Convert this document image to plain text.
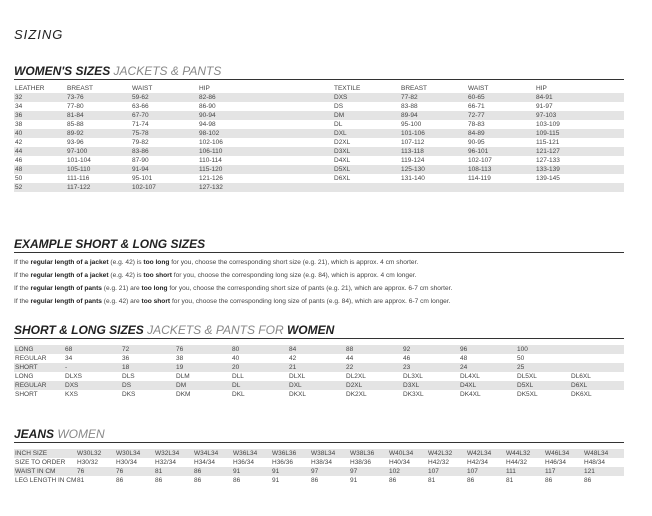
SIZING
WOMEN'S SIZES JACKETS & PANTS
LEATHER	BREAST	WAIST	HIP	TEXTILE	BREAST	WAIST	HIP
32	73-76	59-62	82-86	DXS	77-82	60-65	84-91
34	77-80	63-66	86-90	DS	83-88	66-71	91-97
36	81-84	67-70	90-94	DM	89-94	72-77	97-103
38	85-88	71-74	94-98	DL	95-100	78-83	103-109
40	89-92	75-78	98-102	DXL	101-106	84-89	109-115
42	93-96	79-82	102-106	D2XL	107-112	90-95	115-121
44	97-100	83-86	106-110	D3XL	113-118	96-101	121-127
46	101-104	87-90	110-114	D4XL	119-124	102-107	127-133
48	105-110	91-94	115-120	D5XL	125-130	108-113	133-139
50	111-116	95-101	121-126	D6XL	131-140	114-119	139-145
52	117-122	102-107	127-132				
EXAMPLE SHORT & LONG SIZES
If the regular length of a jacket (e.g. 42) is too long for you, choose the corresponding short size (e.g. 21), which is approx. 4 cm shorter.
If the regular length of a jacket (e.g. 42) is too short for you, choose the corresponding long size (e.g. 84), which is approx. 4 cm longer.
If the regular length of pants (e.g. 21) are too long for you, choose the corresponding short size of pants (e.g. 21), which are approx. 6-7 cm shorter.
If the regular length of pants (e.g. 42) are too short for you, choose the corresponding long size of pants (e.g. 84), which are approx. 6-7 cm longer.
SHORT & LONG SIZES JACKETS & PANTS FOR WOMEN
LONG	68	72	76	80	84	88	92	96	100	
REGULAR	34	36	38	40	42	44	46	48	50	
SHORT	-	18	19	20	21	22	23	24	25	
LONG	DLXS	DLS	DLM	DLL	DLXL	DL2XL	DL3XL	DL4XL	DL5XL	DL6XL
REGULAR	DXS	DS	DM	DL	DXL	D2XL	D3XL	D4XL	D5XL	D6XL
SHORT	KXS	DKS	DKM	DKL	DKXL	DK2XL	DK3XL	DK4XL	DK5XL	DK6XL
JEANS WOMEN
INCH SIZE	W30L32	W30L34	W32L34	W34L34	W36L34	W36L36	W38L34	W38L36	W40L34	W42L32	W42L34	W44L32	W46L34	W48L34
SIZE TO ORDER	H30/32	H30/34	H32/34	H34/34	H36/34	H36/36	H38/34	H38/36	H40/34	H42/32	H42/34	H44/32	H46/34	H48/34
WAIST IN CM	76	76	81	86	91	91	97	97	102	107	107	111	117	121
LEG LENGTH IN CM	81	86	86	86	86	91	86	91	86	81	86	81	86	86
